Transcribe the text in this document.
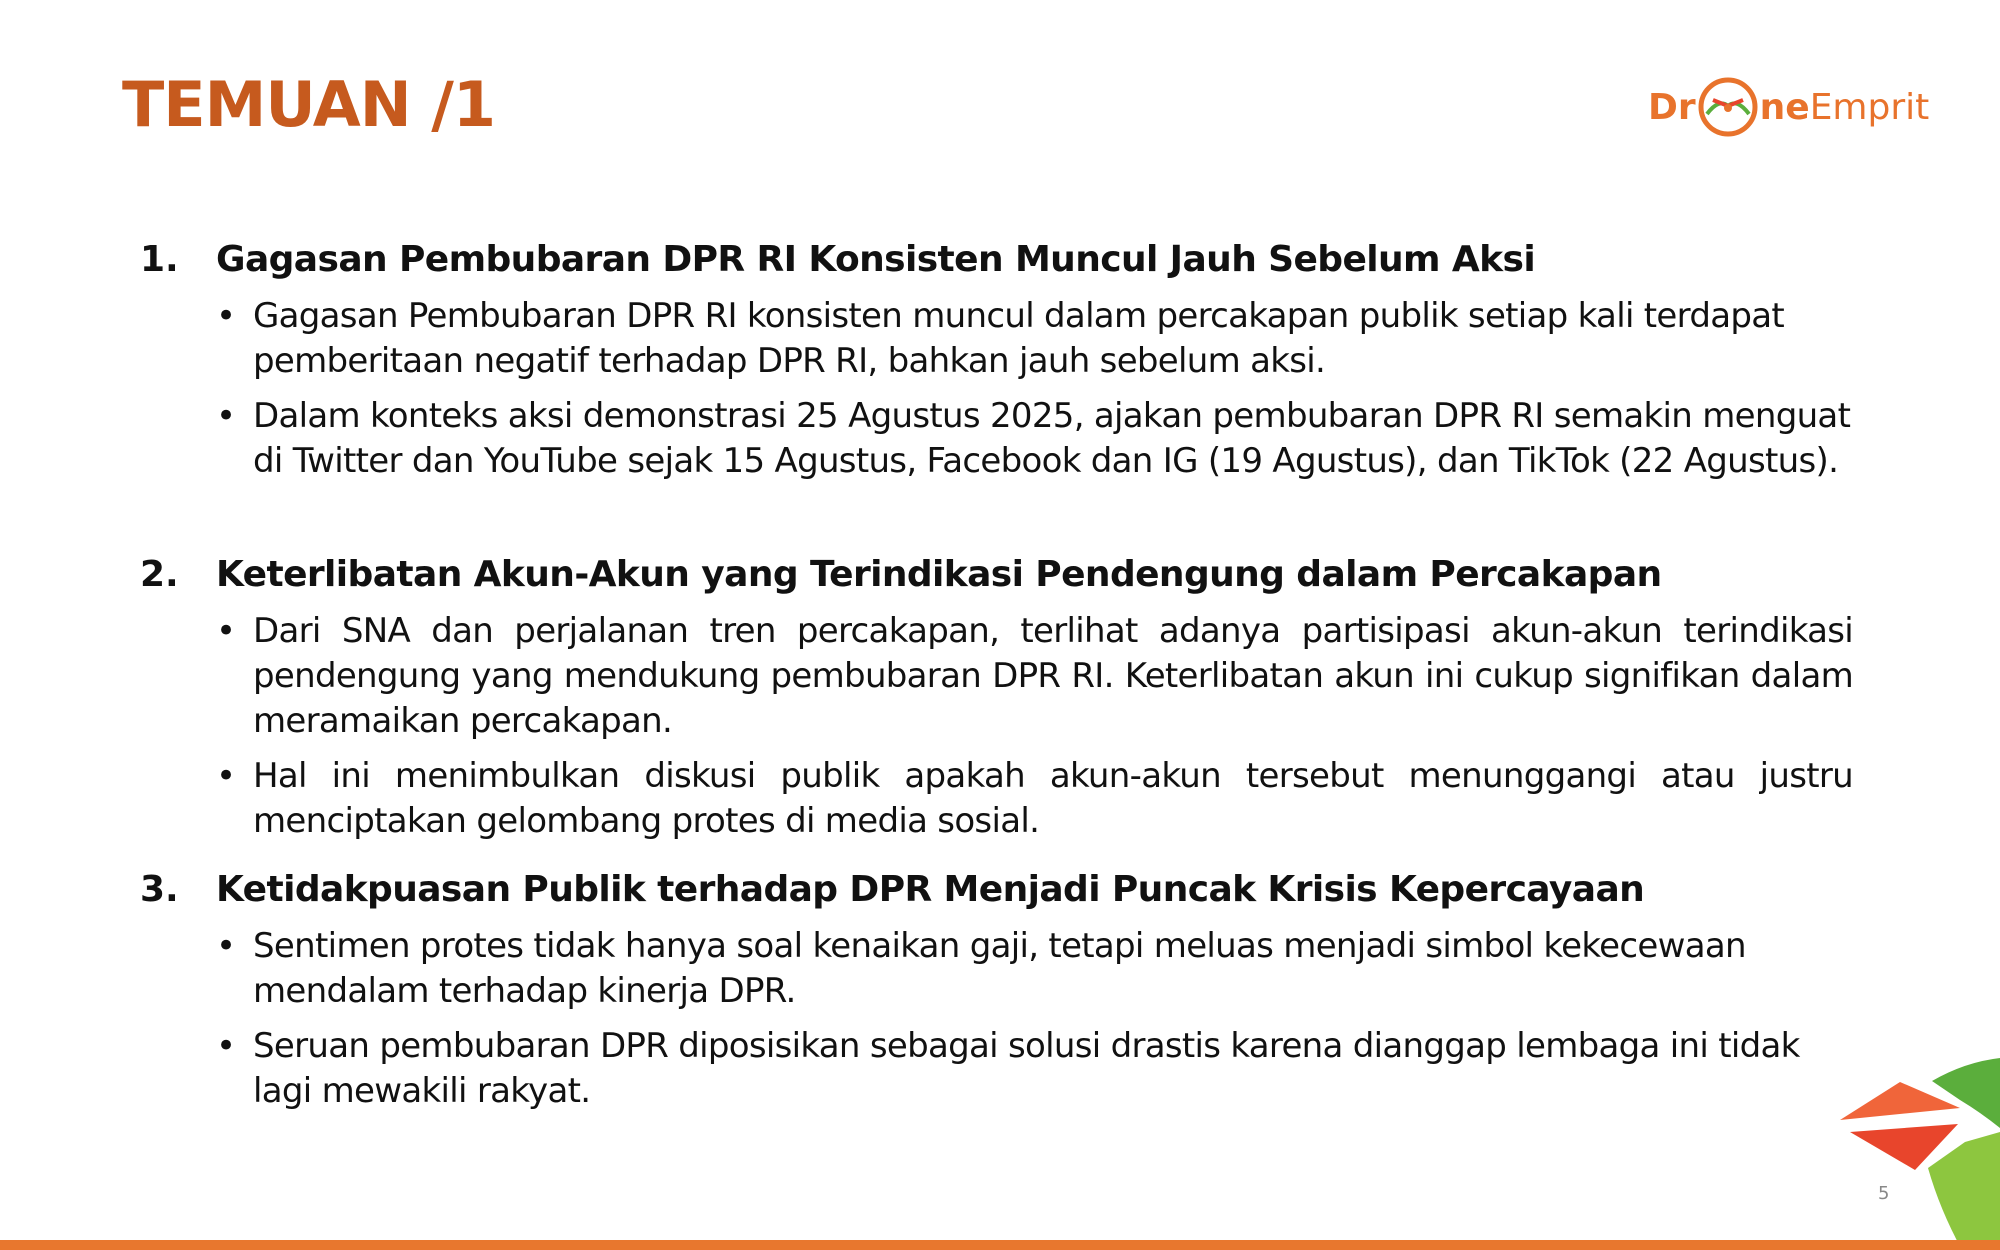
TEMUAN /1	Dr ne Emprit
1. Gagasan Pembubaran DPR RI Konsisten Muncul Jauh Sebelum Aksi
• Gagasan Pembubaran DPR RI konsisten muncul dalam percakapan publik setiap kali terdapat pemberitaan negatif terhadap DPR RI, bahkan jauh sebelum aksi.

• Dalam konteks aksi demonstrasi 25 Agustus 2025, ajakan pembubaran DPR RI semakin menguat di Twitter dan YouTube sejak 15 Agustus, Facebook dan IG (19 Agustus), dan TikTok (22 Agustus).

2. Keterlibatan Akun-Akun yang Terindikasi Pendengung dalam Percakapan
• Dari SNA dan perjalanan tren percakapan, terlihat adanya partisipasi akun-akun terindikasi pendengung yang mendukung pembubaran DPR RI. Keterlibatan akun ini cukup signifikan dalam meramaikan percakapan.

• Hal ini menimbulkan diskusi publik apakah akun-akun tersebut menunggangi atau justru menciptakan gelombang protes di media sosial.

3. Ketidakpuasan Publik terhadap DPR Menjadi Puncak Krisis Kepercayaan
• Sentimen protes tidak hanya soal kenaikan gaji, tetapi meluas menjadi simbol kekecewaan mendalam terhadap kinerja DPR.

• Seruan pembubaran DPR diposisikan sebagai solusi drastis karena dianggap lembaga ini tidak lagi mewakili rakyat.

5
